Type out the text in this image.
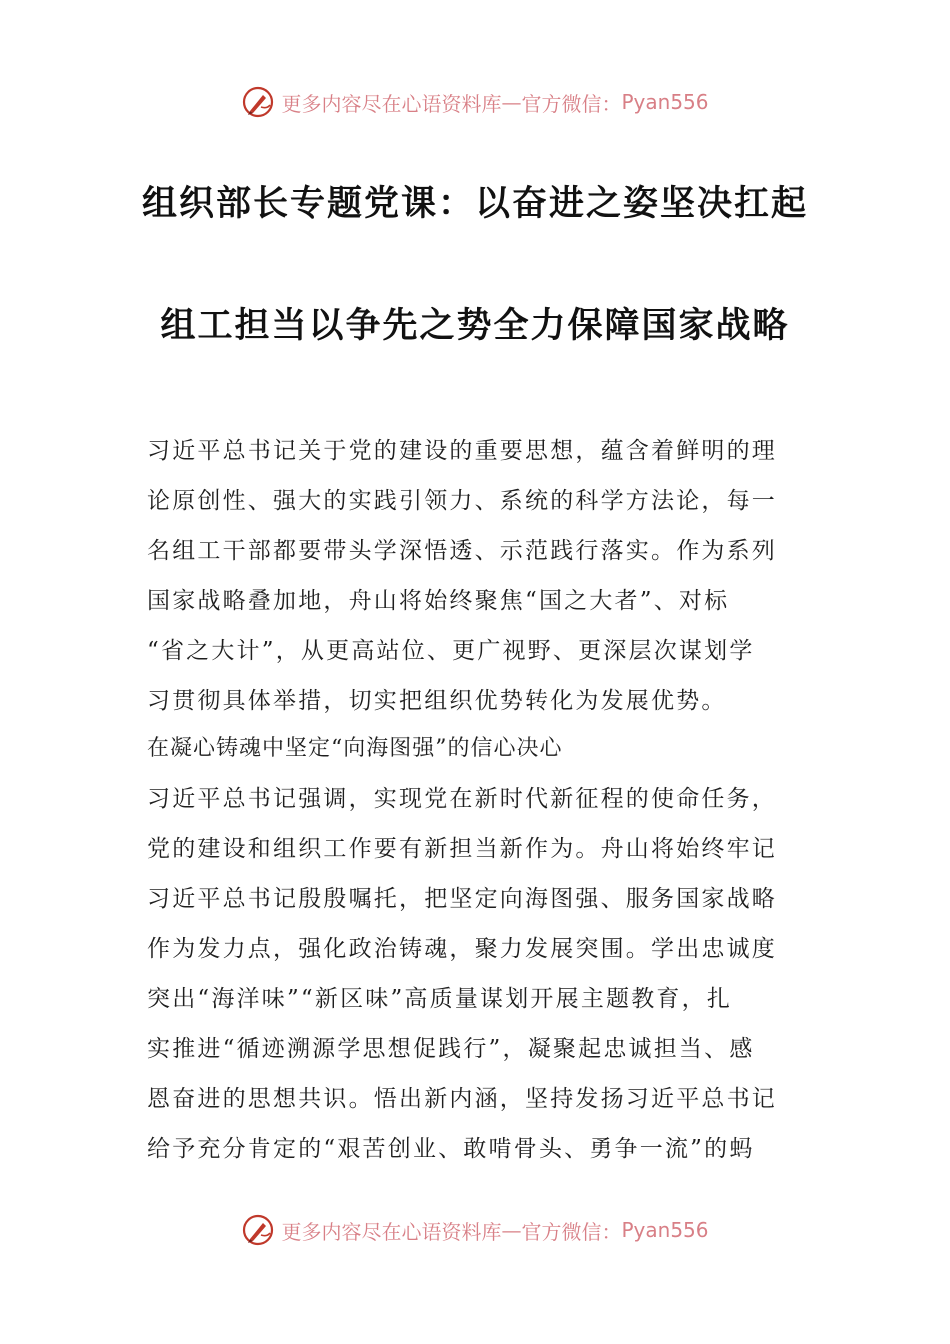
更多内容尽在心语资料库 — 官方微信： Pyan556
组织部长专题党课：以奋进之姿坚决扛起
组工担当以争先之势全力保障国家战略
习近平总书记关于党的建设的重要思想，蕴含着鲜明的理
论原创性、强大的实践引领力、系统的科学方法论，每一
名组工干部都要带头学深悟透、示范践行落实。作为系列
国家战略叠加地，舟山将始终聚焦“国之大者”、对标
“省之大计”，从更高站位、更广视野、更深层次谋划学
习贯彻具体举措，切实把组织优势转化为发展优势。
在凝心铸魂中坚定“向海图强”的信心决心
习近平总书记强调，实现党在新时代新征程的使命任务，
党的建设和组织工作要有新担当新作为。舟山将始终牢记
习近平总书记殷殷嘱托，把坚定向海图强、服务国家战略
作为发力点，强化政治铸魂，聚力发展突围。学出忠诚度
突出“海洋味”“新区味”高质量谋划开展主题教育，扎
实推进“循迹溯源学思想促践行”，凝聚起忠诚担当、感
恩奋进的思想共识。悟出新内涵，坚持发扬习近平总书记
给予充分肯定的“艰苦创业、敢啃骨头、勇争一流”的蚂
更多内容尽在心语资料库 — 官方微信： Pyan556
